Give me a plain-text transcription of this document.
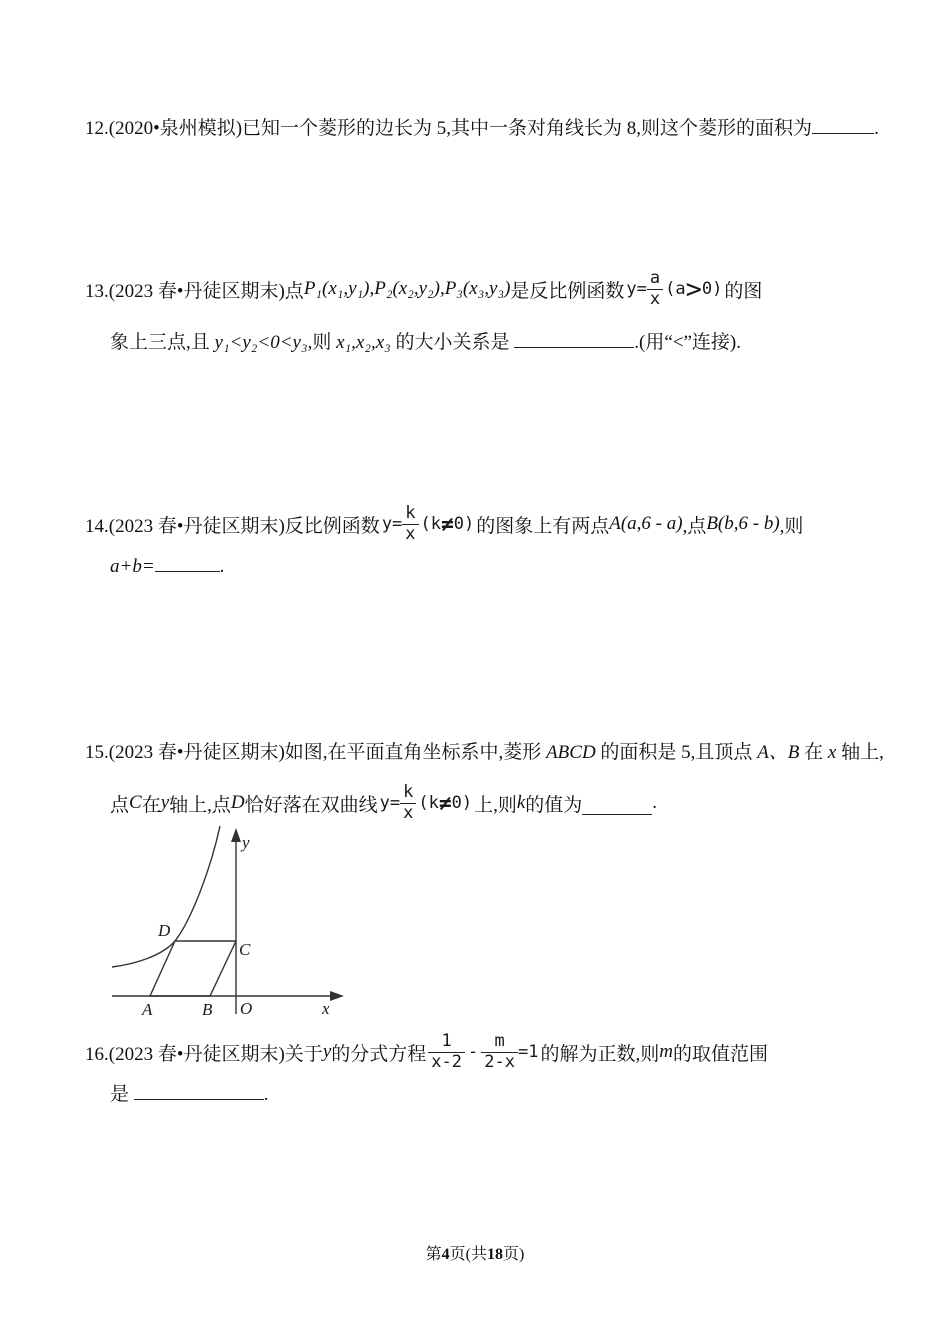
12.(2020•泉州模拟)已知一个菱形的边长为 5,其中一条对角线长为 8,则这个菱形的面积为	.
13.(2023 春•丹徒区期末)点 P₁(x₁,y₁),P₂(x₂,y₂),P₃(x₃,y₃) 是反比例函数 $y= \frac{a}{x}$ ( a > 0 ) 的图
象上三点,且 y₁<y₂<0<y₃,则 x₁,x₂,x₃ 的大小关系是	.(用“<”连接).
14.(2023 春•丹徒区期末)反比例函数 $y= \frac{k}{x}$ ( k ≠ 0 ) 的图象上有两点 A(a,6 - a) ,点 B(b,6 - b) ,则
a+b=	.
15.(2023 春•丹徒区期末)如图,在平面直角坐标系中,菱形 ABCD 的面积是 5,且顶点 A、B 在 x 轴上,
点 C 在 y 轴上,点 D 恰好落在双曲线 $y= \frac{k}{x}$ ( k ≠ 0 ) 上,则 k 的值为	.
y
x
O
A	B
C
D
16.(2023 春•丹徒区期末)关于 y 的分式方程 $\frac{1}{x-2} - \frac{m}{2-x} =1$ 的解为正数,则 m 的取值范围
是	.
第4页(共18页)
